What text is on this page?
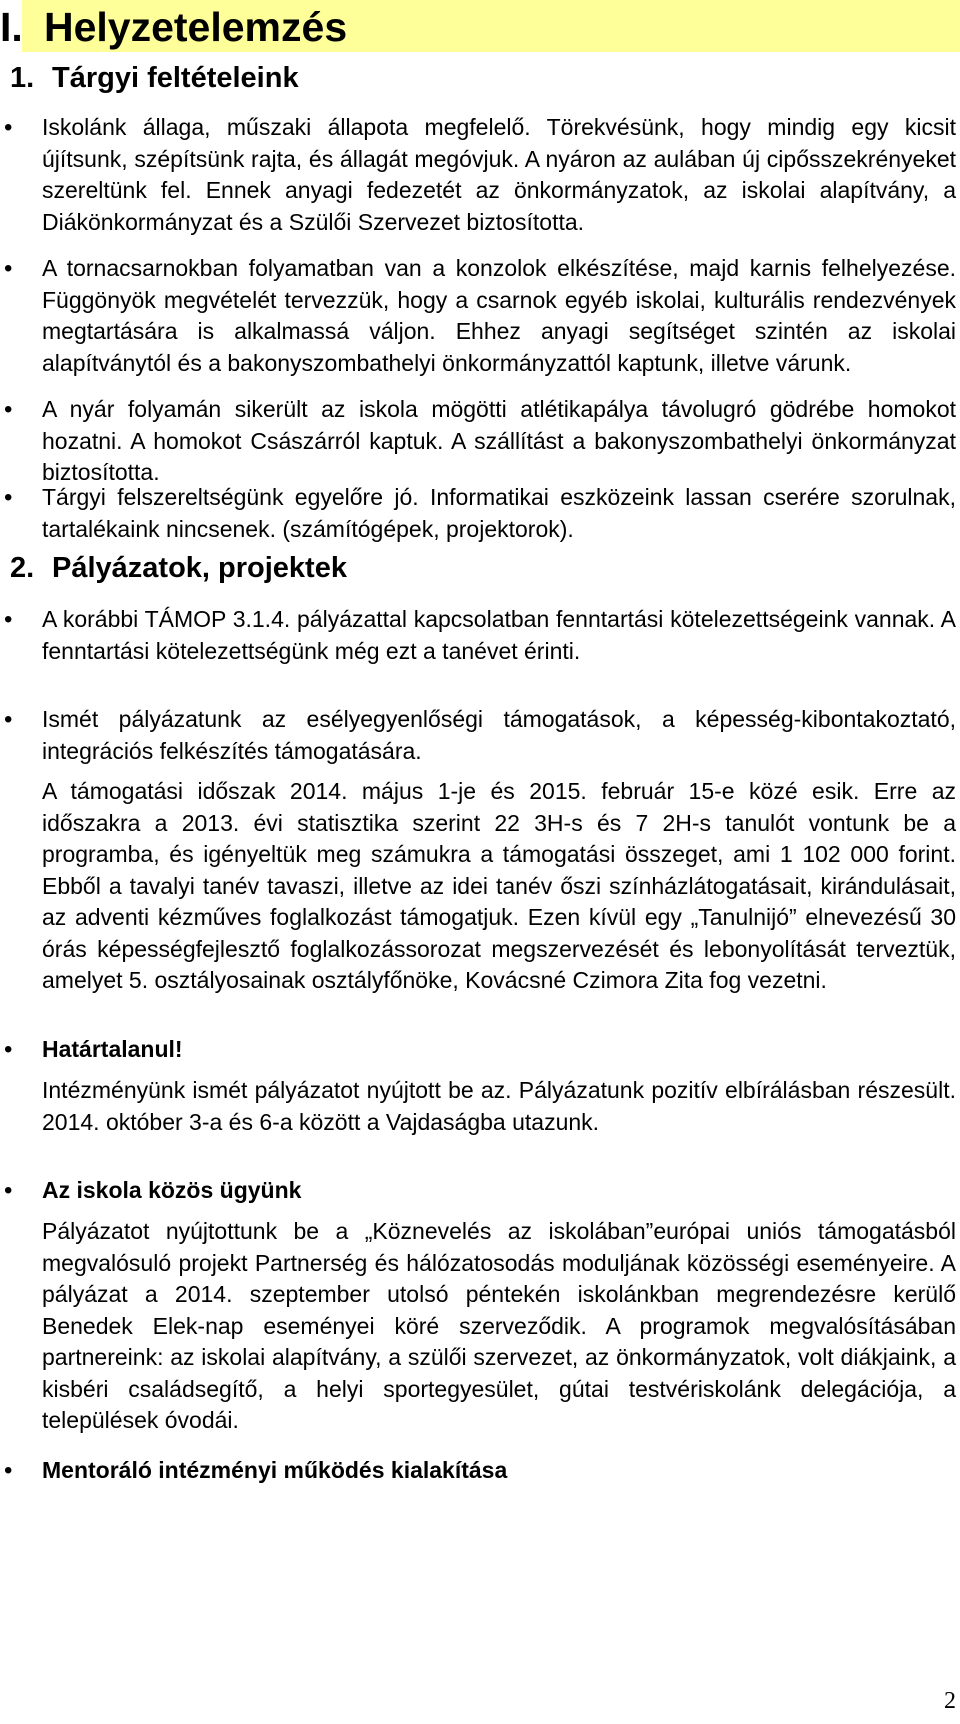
I. Helyzetelemzés
1. Tárgyi feltételeink
• Iskolánk állaga, műszaki állapota megfelelő. Törekvésünk, hogy mindig egy kicsit újítsunk, szépítsünk rajta, és állagát megóvjuk. A nyáron az aulában új cipősszekrényeket szereltünk fel. Ennek anyagi fedezetét az önkormányzatok, az iskolai alapítvány, a Diákönkormányzat és a Szülői Szervezet biztosította.
• A tornacsarnokban folyamatban van a konzolok elkészítése, majd karnis felhelyezése. Függönyök megvételét tervezzük, hogy a csarnok egyéb iskolai, kulturális rendezvények megtartására is alkalmassá váljon. Ehhez anyagi segítséget szintén az iskolai alapítványtól és a bakonyszombathelyi önkormányzattól kaptunk, illetve várunk.
• A nyár folyamán sikerült az iskola mögötti atlétikapálya távolugró gödrébe homokot hozatni. A homokot Császárról kaptuk. A szállítást a bakonyszombathelyi önkormányzat biztosította.
• Tárgyi felszereltségünk egyelőre jó. Informatikai eszközeink lassan cserére szorulnak, tartalékaink nincsenek. (számítógépek, projektorok).
2. Pályázatok, projektek
• A korábbi TÁMOP 3.1.4. pályázattal kapcsolatban fenntartási kötelezettségeink vannak. A fenntartási kötelezettségünk még ezt a tanévet érinti.
• Ismét pályázatunk az esélyegyenlőségi támogatások, a képesség-kibontakoztató, integrációs felkészítés támogatására.
A támogatási időszak 2014. május 1-je és 2015. február 15-e közé esik. Erre az időszakra a 2013. évi statisztika szerint 22 3H-s és 7 2H-s tanulót vontunk be a programba, és igényeltük meg számukra a támogatási összeget, ami 1 102 000 forint. Ebből a tavalyi tanév tavaszi, illetve az idei tanév őszi színházlátogatásait, kirándulásait, az adventi kézműves foglalkozást támogatjuk. Ezen kívül egy „Tanulnijó” elnevezésű 30 órás képességfejlesztő foglalkozássorozat megszervezését és lebonyolítását terveztük, amelyet 5. osztályosainak osztályfőnöke, Kovácsné Czimora Zita fog vezetni.
• Határtalanul!
Intézményünk ismét pályázatot nyújtott be az. Pályázatunk pozitív elbírálásban részesült. 2014. október 3-a és 6-a között a Vajdaságba utazunk.
• Az iskola közös ügyünk
Pályázatot nyújtottunk be a „Köznevelés az iskolában”európai uniós támogatásból megvalósuló projekt Partnerség és hálózatosodás moduljának közösségi eseményeire. A pályázat a 2014. szeptember utolsó péntekén iskolánkban megrendezésre kerülő Benedek Elek-nap eseményei köré szerveződik. A programok megvalósításában partnereink: az iskolai alapítvány, a szülői szervezet, az önkormányzatok, volt diákjaink, a kisbéri családsegítő, a helyi sportegyesület, gútai testvériskolánk delegációja, a települések óvodái.
• Mentoráló intézményi működés kialakítása
2
